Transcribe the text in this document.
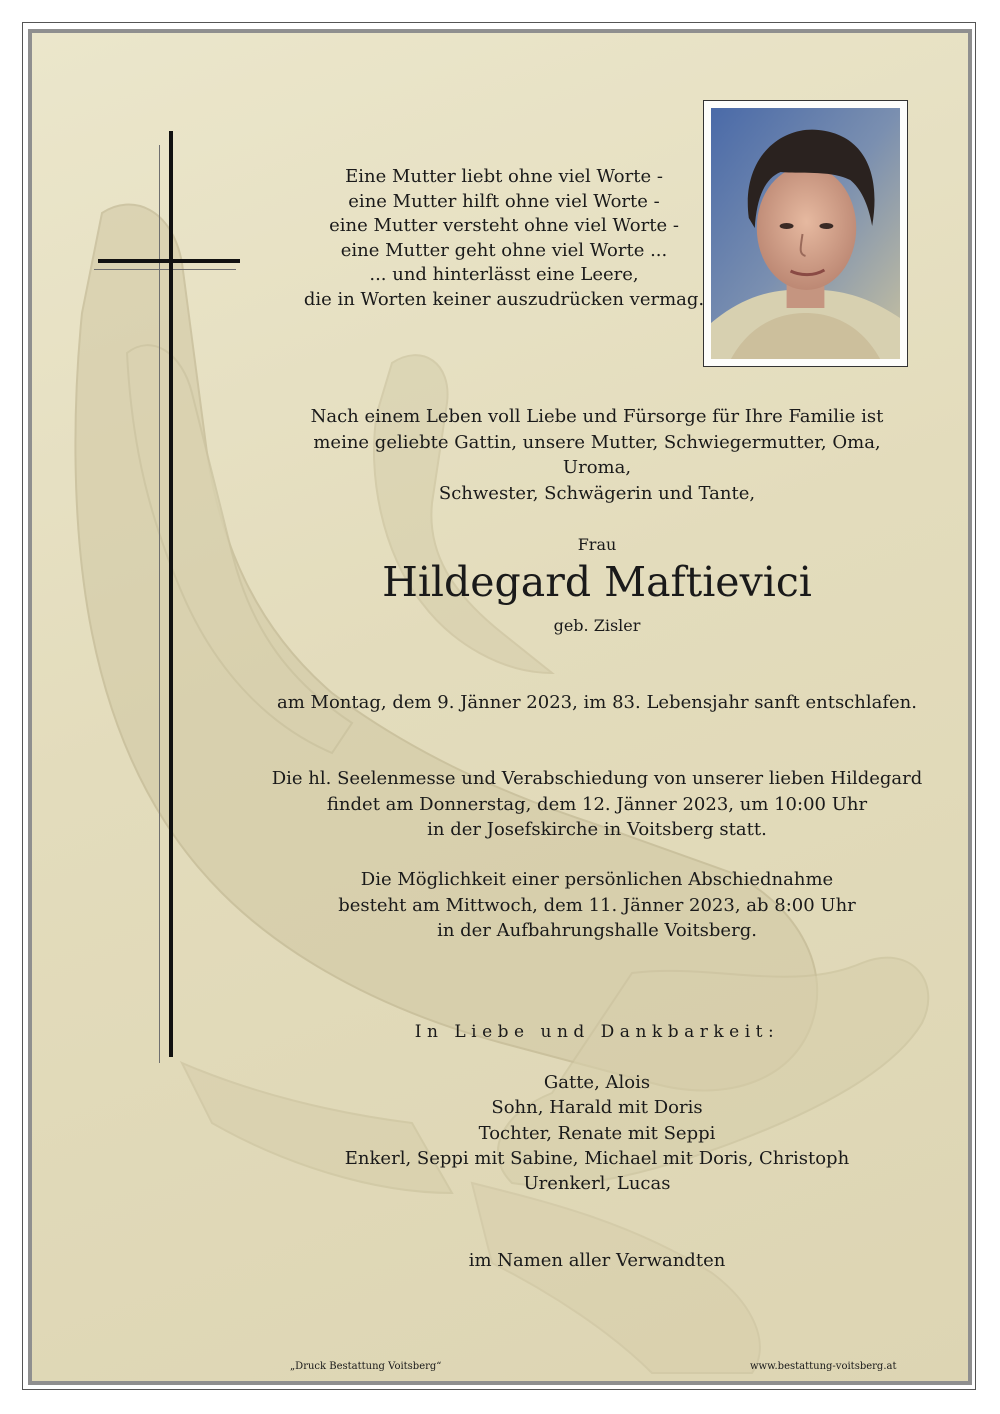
Eine Mutter liebt ohne viel Worte -
eine Mutter hilft ohne viel Worte -
eine Mutter versteht ohne viel Worte -
eine Mutter geht ohne viel Worte ...
... und hinterlässt eine Leere,
die in Worten keiner auszudrücken vermag.
Nach einem Leben voll Liebe und Fürsorge für Ihre Familie ist
meine geliebte Gattin, unsere Mutter, Schwiegermutter, Oma, Uroma,
Schwester, Schwägerin und Tante,
Frau
Hildegard Maftievici
geb. Zisler
am Montag, dem 9. Jänner 2023, im 83. Lebensjahr sanft entschlafen.
Die hl. Seelenmesse und Verabschiedung von unserer lieben Hildegard
findet am Donnerstag, dem 12. Jänner 2023, um 10:00 Uhr
in der Josefskirche in Voitsberg statt.
Die Möglichkeit einer persönlichen Abschiednahme
besteht am Mittwoch, dem 11. Jänner 2023, ab 8:00 Uhr
in der Aufbahrungshalle Voitsberg.
In Liebe und Dankbarkeit:
Gatte, Alois
Sohn, Harald mit Doris
Tochter, Renate mit Seppi
Enkerl, Seppi mit Sabine, Michael mit Doris, Christoph
Urenkerl, Lucas
im Namen aller Verwandten
„Druck Bestattung Voitsberg“	www.bestattung-voitsberg.at
